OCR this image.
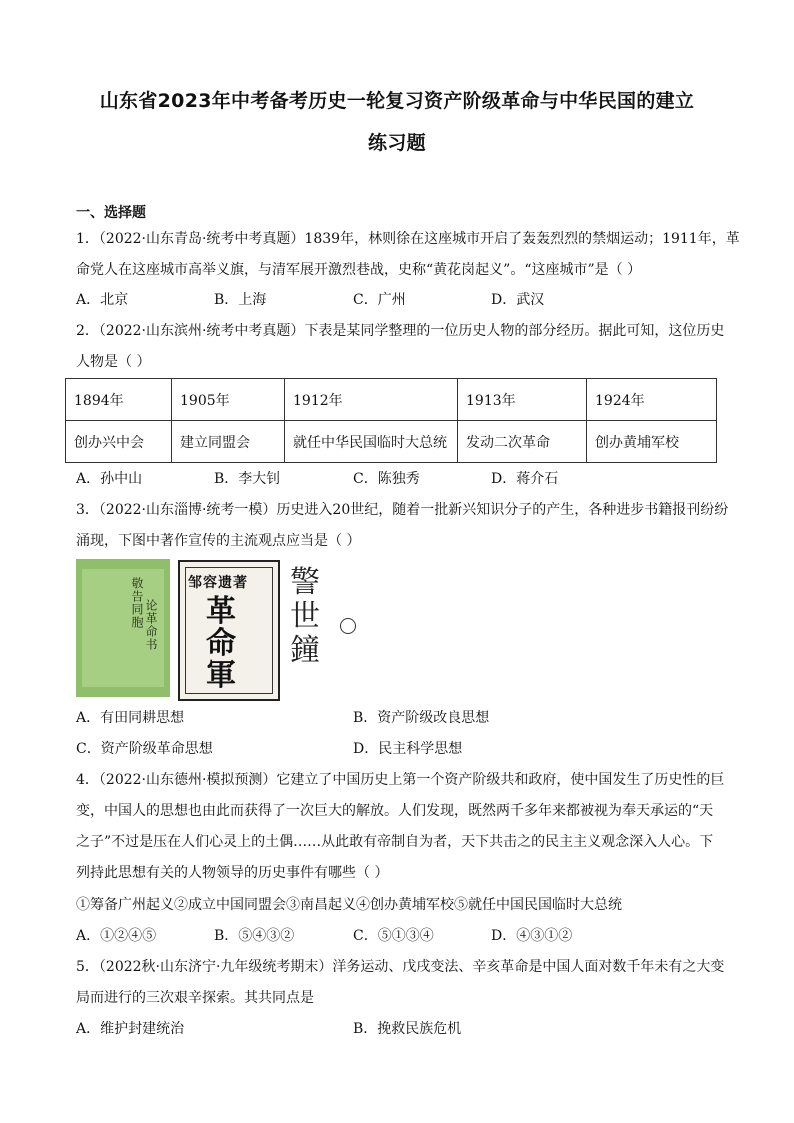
山东省2023年中考备考历史一轮复习资产阶级革命与中华民国的建立
练习题
一、选择题
1．（2022·山东青岛·统考中考真题）1839年，林则徐在这座城市开启了轰轰烈烈的禁烟运动；1911年，革
命党人在这座城市高举义旗，与清军展开激烈巷战，史称“黄花岗起义”。“这座城市”是（ ）
A．北京	B．上海	C．广州	D．武汉
2．（2022·山东滨州·统考中考真题）下表是某同学整理的一位历史人物的部分经历。据此可知，这位历史
人物是（ ）
1894年	1905年	1912年	1913年	1924年
创办兴中会	建立同盟会	就任中华民国临时大总统	发动二次革命	创办黄埔军校
A．孙中山	B．李大钊	C．陈独秀	D．蒋介石
3．（2022·山东淄博·统考一模）历史进入20世纪，随着一批新兴知识分子的产生，各种进步书籍报刊纷纷
涌现，下图中著作宣传的主流观点应当是（ ）
敬告同胞 论革命书
邹容遗著
革
命
軍
警
世
鐘
A．有田同耕思想	B．资产阶级改良思想
C．资产阶级革命思想	D．民主科学思想
4．（2022·山东德州·模拟预测）它建立了中国历史上第一个资产阶级共和政府，使中国发生了历史性的巨
变，中国人的思想也由此而获得了一次巨大的解放。人们发现，既然两千多年来都被视为奉天承运的“天
之子”不过是压在人们心灵上的土偶……从此敢有帝制自为者，天下共击之的民主主义观念深入人心。下
列持此思想有关的人物领导的历史事件有哪些（ ）
①筹备广州起义②成立中国同盟会③南昌起义④创办黄埔军校⑤就任中国民国临时大总统
A．①②④⑤	B．⑤④③②	C．⑤①③④	D．④③①②
5．（2022秋·山东济宁·九年级统考期末）洋务运动、戊戌变法、辛亥革命是中国人面对数千年未有之大变
局而进行的三次艰辛探索。其共同点是
A．维护封建统治	B．挽救民族危机
